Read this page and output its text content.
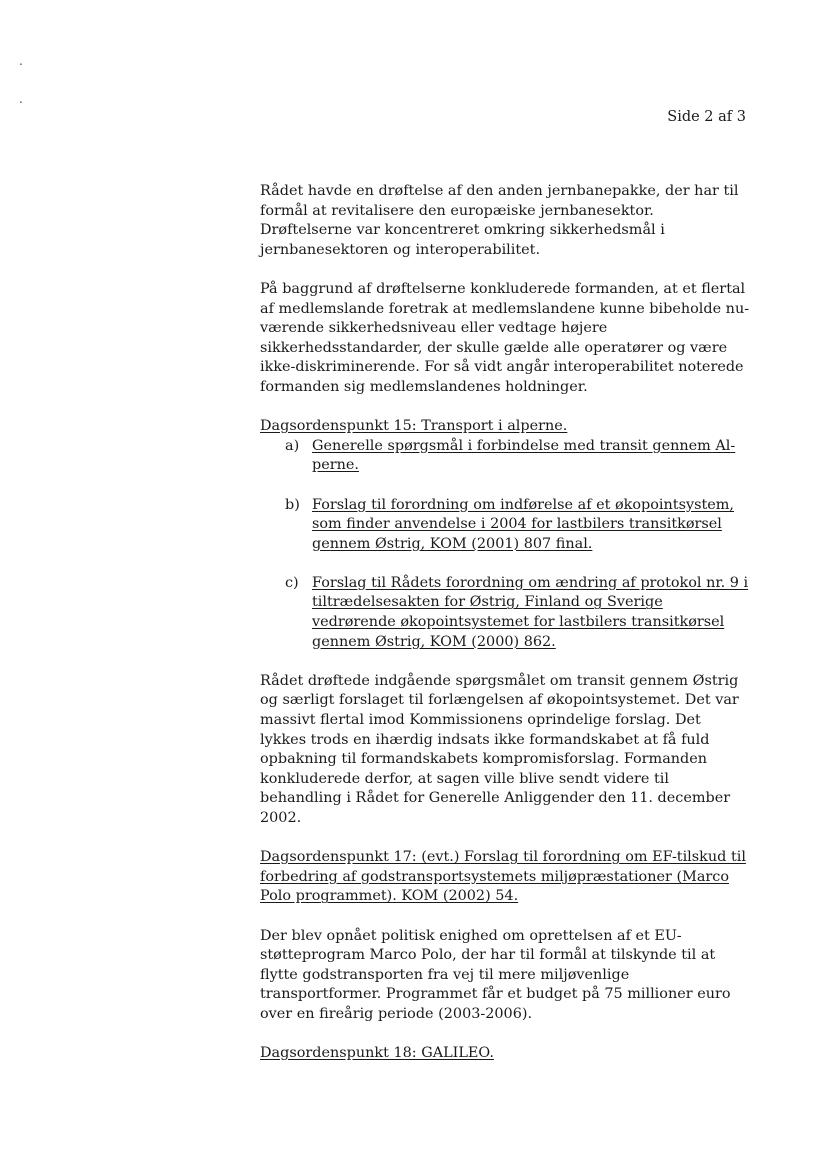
.
.
Side 2 af 3

Rådet havde en drøftelse af den anden jernbanepakke, der har til formål at revitalisere den europæiske jernbanesektor. Drøftelserne var koncentreret omkring sikkerhedsmål i jernbanesektoren og interoperabilitet.

På baggrund af drøftelserne konkluderede formanden, at et flertal af medlemslande foretrak at medlemslandene kunne bibeholde nuværende sikkerhedsniveau eller vedtage højere sikkerhedsstandarder, der skulle gælde alle operatører og være ikke-diskriminerende. For så vidt angår interoperabilitet noterede formanden sig medlemslandenes holdninger.

Dagsordenspunkt 15: Transport i alperne.

a) Generelle spørgsmål i forbindelse med transit gennem Alperne.
b) Forslag til forordning om indførelse af et økopointsystem, som finder anvendelse i 2004 for lastbilers transitkørsel gennem Østrig, KOM (2001) 807 final.
c) Forslag til Rådets forordning om ændring af protokol nr. 9 i tiltrædelsesakten for Østrig, Finland og Sverige vedrørende økopointsystemet for lastbilers transitkørsel gennem Østrig, KOM (2000) 862.

Rådet drøftede indgående spørgsmålet om transit gennem Østrig og særligt forslaget til forlængelsen af økopointsystemet. Det var massivt flertal imod Kommissionens oprindelige forslag. Det lykkes trods en ihærdig indsats ikke formandskabet at få fuld opbakning til formandskabets kompromisforslag. Formanden konkluderede derfor, at sagen ville blive sendt videre til behandling i Rådet for Generelle Anliggender den 11. december 2002.

Dagsordenspunkt 17: (evt.) Forslag til forordning om EF-tilskud til forbedring af godstransportsystemets miljøpræstationer (Marco Polo programmet). KOM (2002) 54.

Der blev opnået politisk enighed om oprettelsen af et EU-støtteprogram Marco Polo, der har til formål at tilskynde til at flytte godstransporten fra vej til mere miljøvenlige transportformer. Programmet får et budget på 75 millioner euro over en fireårig periode (2003-2006).

Dagsordenspunkt 18: GALILEO.
